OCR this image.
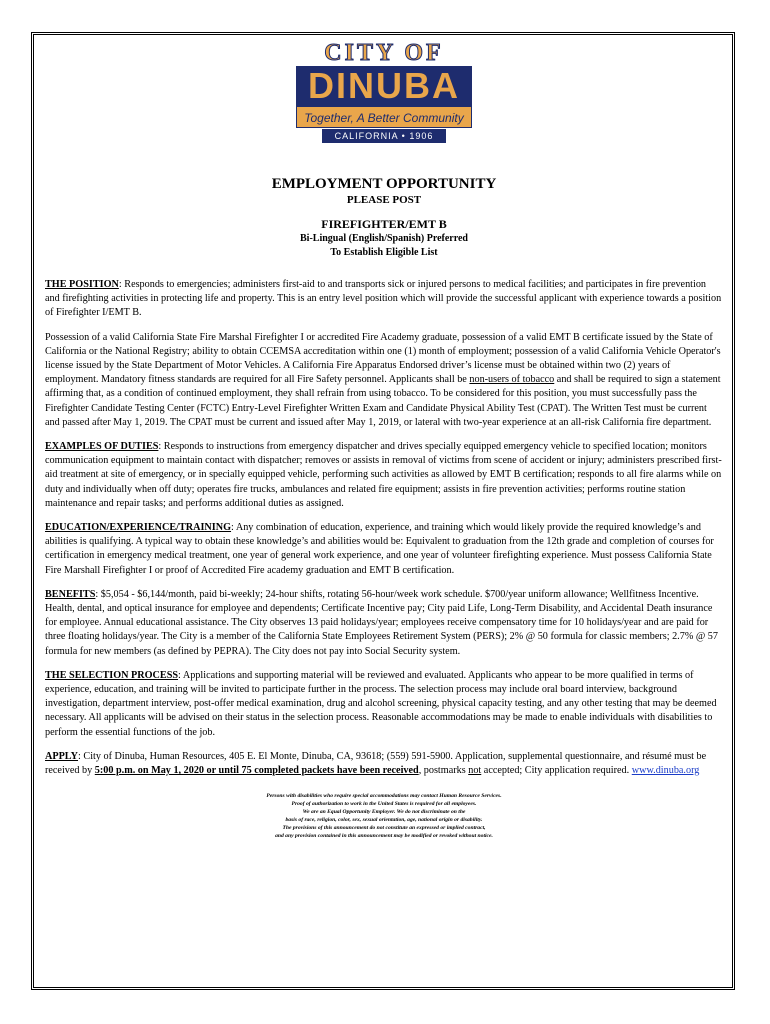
CITY OF
DINUBA
Together, A Better Community
CALIFORNIA • 1906
EMPLOYMENT OPPORTUNITY
PLEASE POST
FIREFIGHTER/EMT B
Bi-Lingual (English/Spanish) Preferred
To Establish Eligible List

THE POSITION: Responds to emergencies; administers first-aid to and transports sick or injured persons to medical facilities; and participates in fire prevention and firefighting activities in protecting life and property. This is an entry level position which will provide the successful applicant with experience towards a position of Firefighter I/EMT B.

Possession of a valid California State Fire Marshal Firefighter I or accredited Fire Academy graduate, possession of a valid EMT B certificate issued by the State of California or the National Registry; ability to obtain CCEMSA accreditation within one (1) month of employment; possession of a valid California Vehicle Operator's license issued by the State Department of Motor Vehicles. A California Fire Apparatus Endorsed driver’s license must be obtained within two (2) years of employment. Mandatory fitness standards are required for all Fire Safety personnel. Applicants shall be non-users of tobacco and shall be required to sign a statement affirming that, as a condition of continued employment, they shall refrain from using tobacco. To be considered for this position, you must successfully pass the Firefighter Candidate Testing Center (FCTC) Entry-Level Firefighter Written Exam and Candidate Physical Ability Test (CPAT). The Written Test must be current and passed after May 1, 2019. The CPAT must be current and issued after May 1, 2019, or lateral with two-year experience at an all-risk California fire department.

EXAMPLES OF DUTIES: Responds to instructions from emergency dispatcher and drives specially equipped emergency vehicle to specified location; monitors communication equipment to maintain contact with dispatcher; removes or assists in removal of victims from scene of accident or injury; administers prescribed first-aid treatment at site of emergency, or in specially equipped vehicle, performing such activities as allowed by EMT B certification; responds to all fire alarms while on duty and individually when off duty; operates fire trucks, ambulances and related fire equipment; assists in fire prevention activities; performs routine station maintenance and repair tasks; and performs additional duties as assigned.

EDUCATION/EXPERIENCE/TRAINING: Any combination of education, experience, and training which would likely provide the required knowledge’s and abilities is qualifying. A typical way to obtain these knowledge’s and abilities would be: Equivalent to graduation from the 12th grade and completion of courses for certification in emergency medical treatment, one year of general work experience, and one year of volunteer firefighting experience. Must possess California State Fire Marshall Firefighter I or proof of Accredited Fire academy graduation and EMT B certification.

BENEFITS: $5,054 - $6,144/month, paid bi-weekly; 24-hour shifts, rotating 56-hour/week work schedule. $700/year uniform allowance; Wellfitness Incentive. Health, dental, and optical insurance for employee and dependents; Certificate Incentive pay; City paid Life, Long-Term Disability, and Accidental Death insurance for employee. Annual educational assistance. The City observes 13 paid holidays/year; employees receive compensatory time for 10 holidays/year and are paid for three floating holidays/year. The City is a member of the California State Employees Retirement System (PERS); 2% @ 50 formula for classic members; 2.7% @ 57 formula for new members (as defined by PEPRA). The City does not pay into Social Security system.

THE SELECTION PROCESS: Applications and supporting material will be reviewed and evaluated. Applicants who appear to be more qualified in terms of experience, education, and training will be invited to participate further in the process. The selection process may include oral board interview, background investigation, department interview, post-offer medical examination, drug and alcohol screening, physical capacity testing, and any other testing that may be deemed necessary. All applicants will be advised on their status in the selection process. Reasonable accommodations may be made to enable individuals with disabilities to perform the essential functions of the job.

APPLY: City of Dinuba, Human Resources, 405 E. El Monte, Dinuba, CA, 93618; (559) 591-5900. Application, supplemental questionnaire, and résumé must be received by 5:00 p.m. on May 1, 2020 or until 75 completed packets have been received, postmarks not accepted; City application required. www.dinuba.org

Persons with disabilities who require special accommodations may contact Human Resource Services.
Proof of authorization to work in the United States is required for all employees.
We are an Equal Opportunity Employer. We do not discriminate on the
basis of race, religion, color, sex, sexual orientation, age, national origin or disability.
The provisions of this announcement do not constitute an expressed or implied contract,
and any provision contained in this announcement may be modified or revoked without notice.
